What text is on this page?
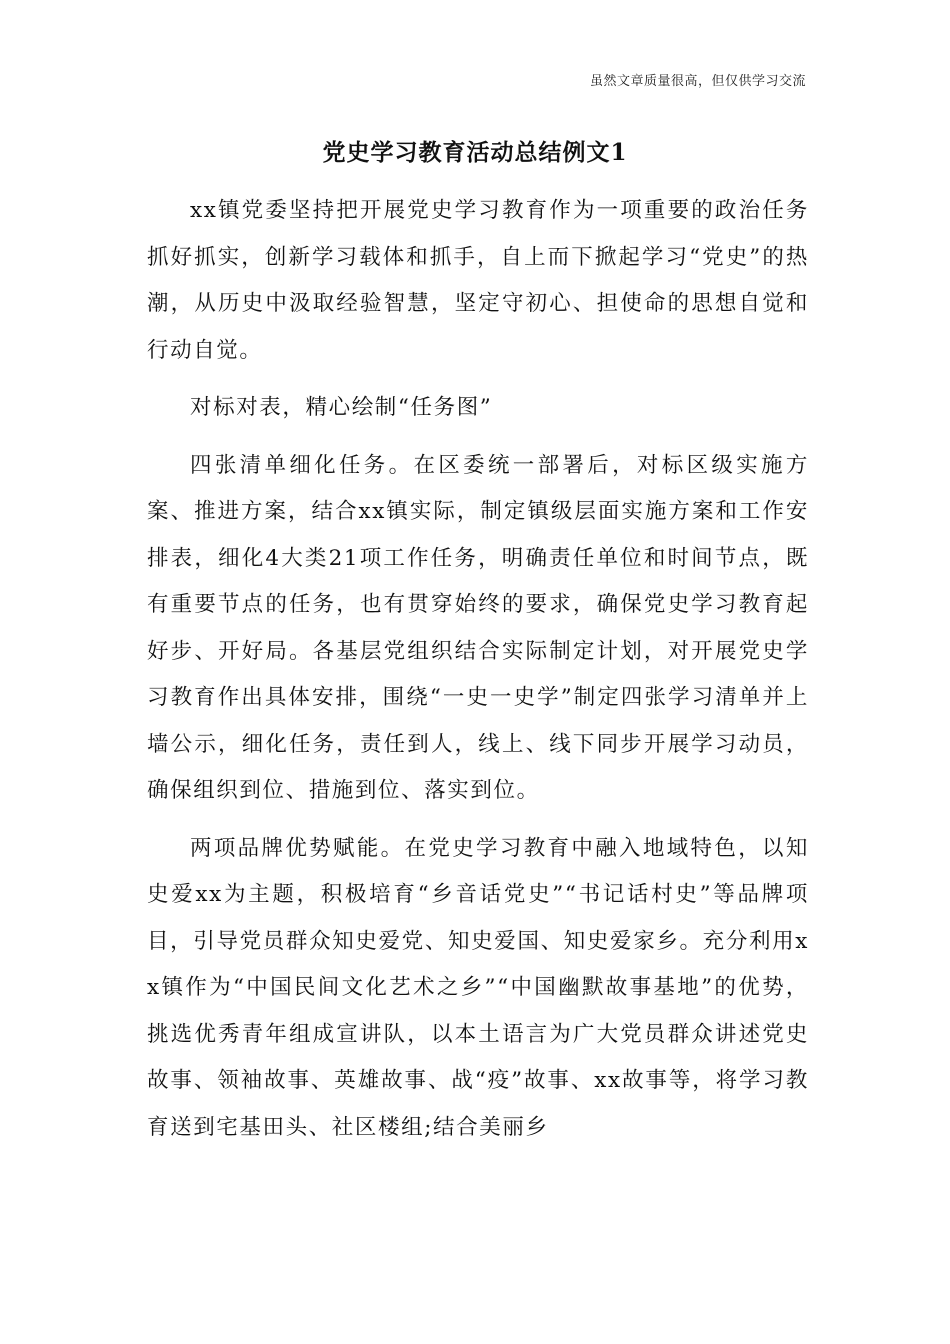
虽然文章质量很高，但仅供学习交流
党史学习教育活动总结例文1

xx镇党委坚持把开展党史学习教育作为一项重要的政治任务抓好抓实，创新学习载体和抓手，自上而下掀起学习“党史”的热潮，从历史中汲取经验智慧，坚定守初心、担使命的思想自觉和行动自觉。

对标对表，精心绘制“任务图”

四张清单细化任务。在区委统一部署后，对标区级实施方案、推进方案，结合xx镇实际，制定镇级层面实施方案和工作安排表，细化4大类21项工作任务，明确责任单位和时间节点，既有重要节点的任务，也有贯穿始终的要求，确保党史学习教育起好步、开好局。各基层党组织结合实际制定计划，对开展党史学习教育作出具体安排，围绕“一史一史学”制定四张学习清单并上墙公示，细化任务，责任到人，线上、线下同步开展学习动员，确保组织到位、措施到位、落实到位。

两项品牌优势赋能。在党史学习教育中融入地域特色，以知史爱xx为主题，积极培育“乡音话党史”“书记话村史”等品牌项目，引导党员群众知史爱党、知史爱国、知史爱家乡。充分利用xx镇作为“中国民间文化艺术之乡”“中国幽默故事基地”的优势，挑选优秀青年组成宣讲队，以本土语言为广大党员群众讲述党史故事、领袖故事、英雄故事、战“疫”故事、xx故事等，将学习教育送到宅基田头、社区楼组;结合美丽乡
